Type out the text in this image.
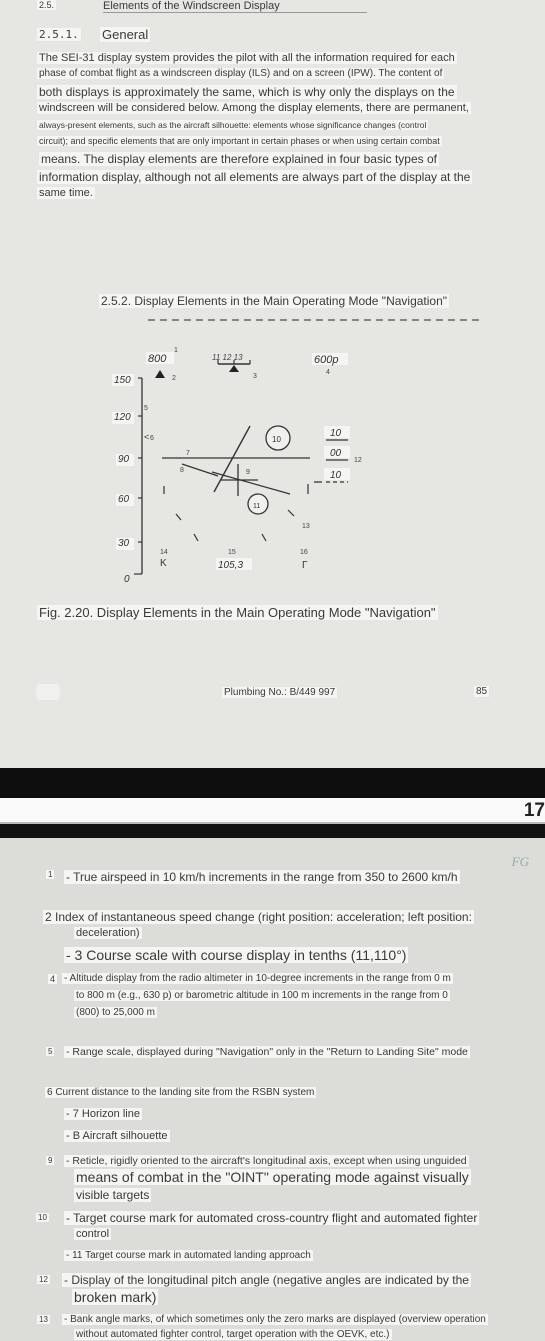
2.5.	Elements of the Windscreen Display
2.5.1. General
The SEI-31 display system provides the pilot with all the information required for each
phase of combat flight as a windscreen display (ILS) and on a screen (IPW). The content of
both displays is approximately the same, which is why only the displays on the
windscreen will be considered below. Among the display elements, there are permanent,
always-present elements, such as the aircraft silhouette: elements whose significance changes (control
circuit); and specific elements that are only important in certain phases or when using certain combat
means. The display elements are therefore explained in four basic types of
information display, although not all elements are always part of the display at the
same time.
2.5.2. Display Elements in the Main Operating Mode "Navigation"
800
1
2
11 12 13
3
600p
4
150
120
90
60
30
0
5
< 6
7
8	9
10
11
10
00
12
10
13
14
K
15
105,3
16
Г
Fig. 2.20. Display Elements in the Main Operating Mode "Navigation"
Plumbing No.: B/449 997	85
17
FG
1 - True airspeed in 10 km/h increments in the range from 350 to 2600 km/h
2 Index of instantaneous speed change (right position: acceleration; left position:
deceleration)
- 3 Course scale with course display in tenths (11,110°)
4 - Altitude display from the radio altimeter in 10-degree increments in the range from 0 m
to 800 m (e.g., 630 p) or barometric altitude in 100 m increments in the range from 0
(800) to 25,000 m
5 - Range scale, displayed during "Navigation" only in the "Return to Landing Site" mode
6 Current distance to the landing site from the RSBN system
- 7 Horizon line
- B Aircraft silhouette
9 - Reticle, rigidly oriented to the aircraft's longitudinal axis, except when using unguided
means of combat in the "OINT" operating mode against visually
visible targets
10 - Target course mark for automated cross-country flight and automated fighter
control
- 11 Target course mark in automated landing approach
12 - Display of the longitudinal pitch angle (negative angles are indicated by the
broken mark)
13 - Bank angle marks, of which sometimes only the zero marks are displayed (overview operation
without automated fighter control, target operation with the OEVK, etc.)
